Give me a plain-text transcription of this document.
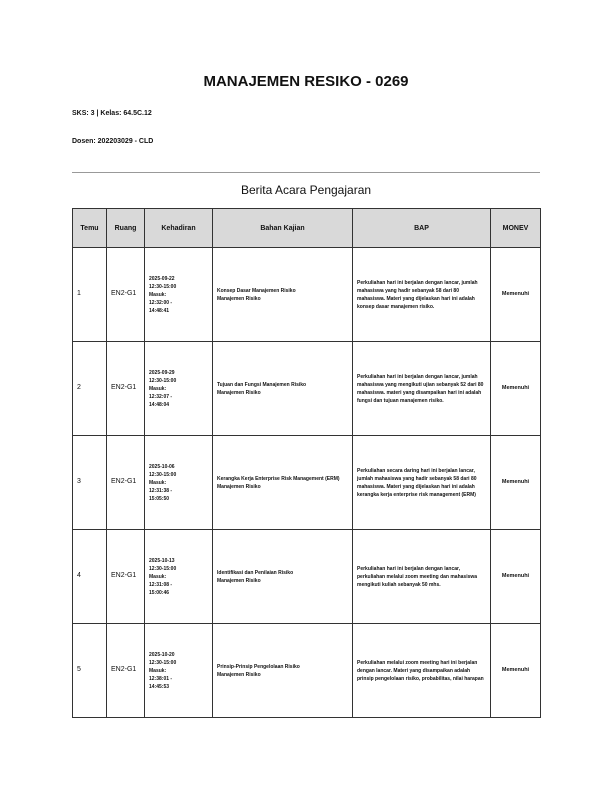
MANAJEMEN RESIKO - 0269
SKS: 3 | Kelas: 64.5C.12
Dosen: 202203029 - CLD
Berita Acara Pengajaran
Temu	Ruang	Kehadiran	Bahan Kajian	BAP	MONEV
1	EN2-G1	2025-09-22
12:30-15:00
Masuk:
12:32:00 -
14:48:41	Konsep Dasar Manajemen Risiko
Manajemen Risiko	Perkuliahan hari ini berjalan dengan lancar, jumlah mahasiswa yang hadir sebanyak 58 dari 80 mahasiswa. Materi yang dijelaskan hari ini adalah konsep dasar manajemen risiko.	Memenuhi
2	EN2-G1	2025-09-29
12:30-15:00
Masuk:
12:32:07 -
14:48:04	Tujuan dan Fungsi Manajemen Risiko
Manajemen Risiko	Perkuliahan hari ini berjalan dengan lancar, jumlah mahasiswa yang mengikuti ujian sebanyak 52 dari 80 mahasiswa. materi yang disampaikan hari ini adalah fungsi dan tujuan manajemen risiko.	Memenuhi
3	EN2-G1	2025-10-06
12:30-15:00
Masuk:
12:31:38 -
15:05:50	Kerangka Kerja Enterprise Risk Management (ERM)
Manajemen Risiko	Perkuliahan secara daring hari ini berjalan lancar, jumlah mahasiswa yang hadir sebanyak 58 dari 80 mahasiswa. Materi yang dijelaskan hari ini adalah kerangka kerja enterprise risk management (ERM)	Memenuhi
4	EN2-G1	2025-10-13
12:30-15:00
Masuk:
12:31:08 -
15:00:46	Identifikasi dan Penilaian Risiko
Manajemen Risiko	Perkuliahan hari ini berjalan dengan lancar, perkuliahan melalui zoom meeting dan mahasiswa mengikuti kuliah sebanyak 50 mhs.	Memenuhi
5	EN2-G1	2025-10-20
12:30-15:00
Masuk:
12:38:01 -
14:45:53	Prinsip-Prinsip Pengelolaan Risiko
Manajemen Risiko	Perkuliahan melalui zoom meeting hari ini berjalan dengan lancar. Materi yang disampaikan adalah prinsip pengelolaan risiko, probabilitas, nilai harapan	Memenuhi
